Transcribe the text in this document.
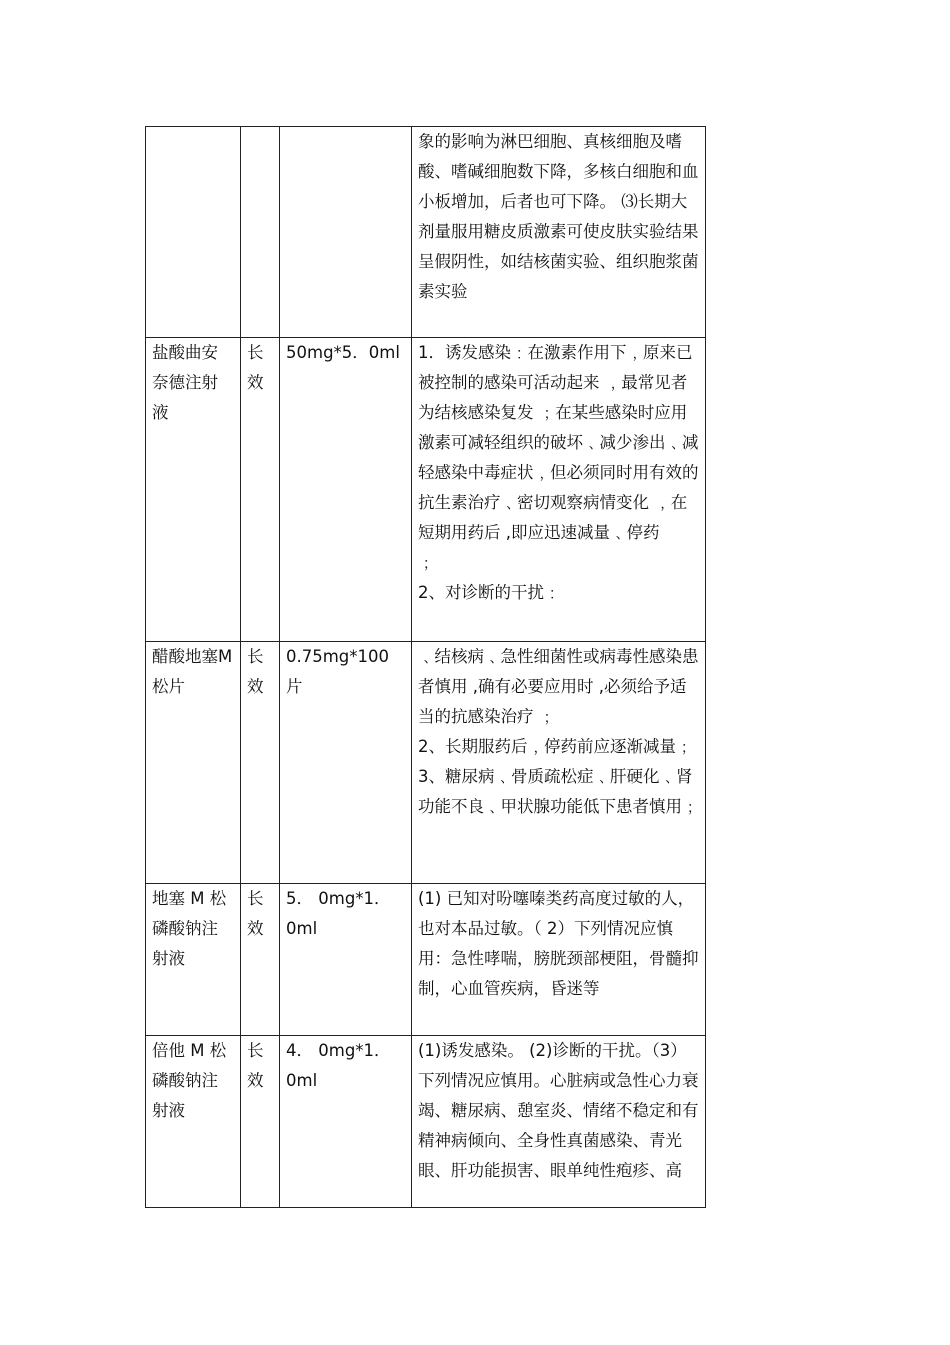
			象的影响为淋巴细胞、真核细胞及嗜酸、嗜碱细胞数下降，多核白细胞和血小板增加，后者也可下降。 ⑶长期大剂量服用糖皮质激素可使皮肤实验结果呈假阴性，如结核菌实验、组织胞浆菌素实验
盐酸曲安奈德注射液	长效	50mg*5．0ml	1．诱发感染﹕在激素作用下﹐原来已被控制的感染可活动起来 ﹐最常见者为结核感染复发 ﹔在某些感染时应用激素可减轻组织的破坏﹑减少渗出﹑减轻感染中毒症状﹐但必须同时用有效的抗生素治疗﹑密切观察病情变化 ﹐在短期用药后 ,即应迅速减量﹑停药
﹔
2、对诊断的干扰﹕
醋酸地塞M 松片	长效	0.75mg*100片	﹑结核病﹑急性细菌性或病毒性感染患者慎用 ,确有必要应用时 ,必须给予适当的抗感染治疗 ﹔
2、长期服药后﹐停药前应逐渐减量﹔
3、糖尿病﹑骨质疏松症﹑肝硬化﹑肾功能不良﹑甲状腺功能低下患者慎用﹔
地塞 M 松磷酸钠注射液	长效	5． 0mg*1． 0ml	(1) 已知对吩噻嗪类药高度过敏的人，也对本品过敏。（ 2）下列情况应慎用：急性哮喘，膀胱颈部梗阻，骨髓抑制，心血管疾病，昏迷等
倍他 M 松磷酸钠注射液	长效	4． 0mg*1． 0ml	(1)诱发感染。 (2)诊断的干扰。（3）下列情况应慎用。心脏病或急性心力衰竭、糖尿病、憩室炎、情绪不稳定和有精神病倾向、全身性真菌感染、青光眼、肝功能损害、眼单纯性疱疹、高
